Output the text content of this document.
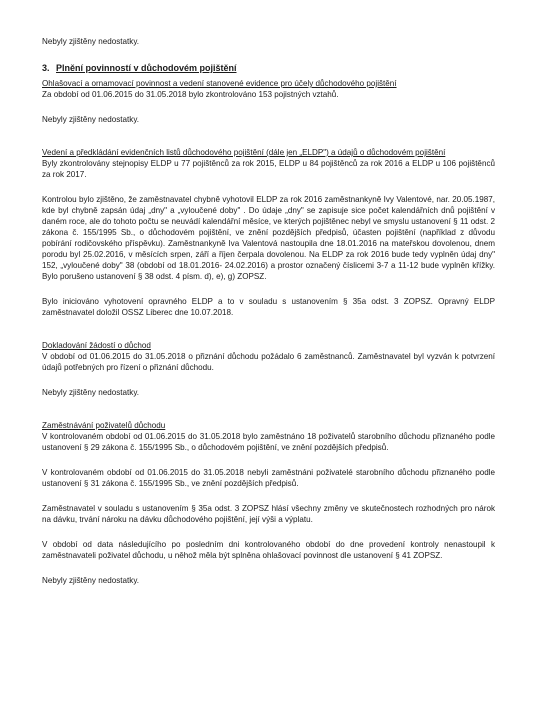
Nebyly zjištěny nedostatky.

3. Plnění povinností v důchodovém pojištění

Ohlašovací a ornamovací povinnost a vedení stanovené evidence pro účely důchodového pojištění

Za období od 01.06.2015 do 31.05.2018 bylo zkontrolováno 153 pojistných vztahů.

Nebyly zjištěny nedostatky.

Vedení a předkládání evidenčních listů důchodového pojištění (dále jen „ELDP") a údajů o důchodovém pojištění

Byly zkontrolovány stejnopisy ELDP u 77 pojištěnců za rok 2015, ELDP u 84 pojištěnců za rok 2016 a ELDP u 106 pojištěnců za rok 2017.

Kontrolou bylo zjištěno, že zaměstnavatel chybně vyhotovil ELDP za rok 2016 zaměstnankyně Ivy Valentové, nar. 20.05.1987, kde byl chybně zapsán údaj „dny" a „vyloučené doby" . Do údaje „dny" se zapisuje sice počet kalendářních dnů pojištění v daném roce, ale do tohoto počtu se neuvádí kalendářní měsíce, ve kterých pojištěnec nebyl ve smyslu ustanovení § 11 odst. 2 zákona č. 155/1995 Sb., o důchodovém pojištění, ve znění pozdějších předpisů, účasten pojištění (například z důvodu pobírání rodičovského příspěvku). Zaměstnankyně Iva Valentová nastoupila dne 18.01.2016 na mateřskou dovolenou, dnem porodu byl 25.02.2016, v měsících srpen, září a říjen čerpala dovolenou. Na ELDP za rok 2016 bude tedy vyplněn údaj dny" 152, „vyloučené doby" 38 (období od 18.01.2016- 24.02.2016) a prostor označený číslicemi 3-7 a 11-12 bude vyplněn křížky. Bylo porušeno ustanovení § 38 odst. 4 písm. d), e), g) ZOPSZ.

Bylo iniciováno vyhotovení opravného ELDP a to v souladu s ustanovením § 35a odst. 3 ZOPSZ. Opravný ELDP zaměstnavatel doložil OSSZ Liberec dne 10.07.2018.

Dokladování žádostí o důchod

V období od 01.06.2015 do 31.05.2018 o přiznání důchodu požádalo 6 zaměstnanců. Zaměstnavatel byl vyzván k potvrzení údajů potřebných pro řízení o přiznání důchodu.

Nebyly zjištěny nedostatky.

Zaměstnávání poživatelů důchodu

V kontrolovaném období od 01.06.2015 do 31.05.2018 bylo zaměstnáno 18 poživatelů starobního důchodu přiznaného podle ustanovení § 29 zákona č. 155/1995 Sb., o důchodovém pojištění, ve znění pozdějších předpisů.

V kontrolovaném období od 01.06.2015 do 31.05.2018 nebyli zaměstnáni poživatelé starobního důchodu přiznaného podle ustanovení § 31 zákona č. 155/1995 Sb., ve znění pozdějších předpisů.

Zaměstnavatel v souladu s ustanovením § 35a odst. 3 ZOPSZ hlásí všechny změny ve skutečnostech rozhodných pro nárok na dávku, trvání nároku na dávku důchodového pojištění, její výši a výplatu.

V období od data následujícího po posledním dni kontrolovaného období do dne provedení kontroly nenastoupil k zaměstnavateli poživatel důchodu, u něhož měla být splněna ohlašovací povinnost dle ustanovení § 41 ZOPSZ.

Nebyly zjištěny nedostatky.
